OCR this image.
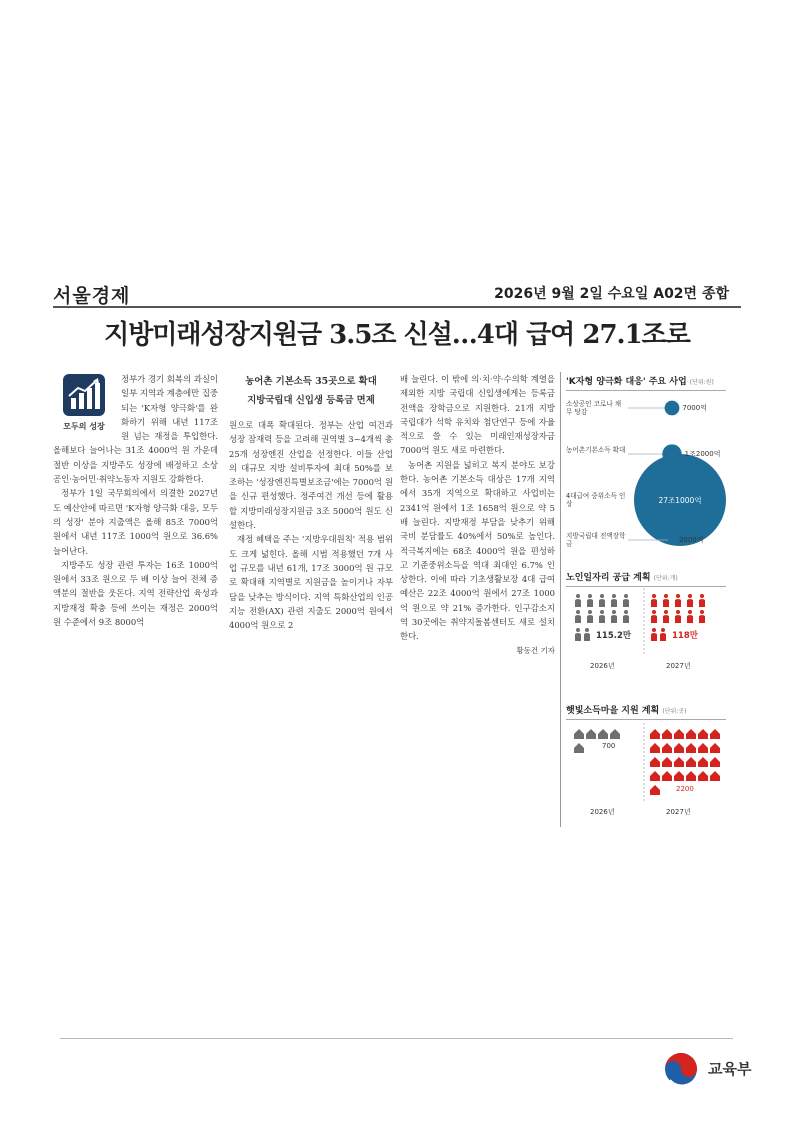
서울경제	2026년 9월 2일 수요일 A02면 종합
지방미래성장지원금 3.5조 신설…4대 급여 27.1조로
모두의 성장

정부가 경기 회복의 과실이 일부 지역과 계층에만 집중되는 'K자형 양극화'를 완화하기 위해 내년 117조 원 넘는 재정을 투입한다. 올해보다 늘어나는 31조 4000억 원 가운데 절반 이상을 지방주도 성장에 배정하고 소상공인·농어민·취약노동자 지원도 강화한다.

정부가 1일 국무회의에서 의결한 2027년도 예산안에 따르면 'K자형 양극화 대응, 모두의 성장' 분야 지출액은 올해 85조 7000억 원에서 내년 117조 1000억 원으로 36.6% 늘어난다.

지방주도 성장 관련 투자는 16조 1000억 원에서 33조 원으로 두 배 이상 늘어 전체 증액분의 절반을 웃돈다. 지역 전략산업 육성과 지방재정 확충 등에 쓰이는 재정은 2000억 원 수준에서 9조 8000억

농어촌 기본소득 35곳으로 확대
지방국립대 신입생 등록금 면제

원으로 대폭 확대된다. 정부는 산업 여건과 성장 잠재력 등을 고려해 권역별 3~4개씩 총 25개 성장엔진 산업을 선정한다. 이들 산업의 대규모 지방 설비투자에 최대 50%를 보조하는 '성장엔진특별보조금'에는 7000억 원을 신규 편성했다. 정주여건 개선 등에 활용할 지방미래성장지원금 3조 5000억 원도 신설한다.

재정 혜택을 주는 '지방우대원칙' 적용 범위도 크게 넓힌다. 올해 시범 적용했던 7개 사업 규모를 내년 61개, 17조 3000억 원 규모로 확대해 지역별로 지원금을 높이거나 자부담을 낮추는 방식이다. 지역 특화산업의 인공지능 전환(AX) 관련 지출도 2000억 원에서 4000억 원으로 2

배 늘린다. 이 밖에 의·치·약·수의학 계열을 제외한 지방 국립대 신입생에게는 등록금 전액을 장학금으로 지원한다. 21개 지방 국립대가 석학 유치와 첨단연구 등에 자율적으로 쓸 수 있는 미래인재성장자금 7000억 원도 새로 마련한다.

농어촌 지원을 넓히고 복지 분야도 보강한다. 농어촌 기본소득 대상은 17개 지역에서 35개 지역으로 확대하고 사업비는 2341억 원에서 1조 1658억 원으로 약 5배 늘린다. 지방재정 부담을 낮추기 위해 국비 분담률도 40%에서 50%로 높인다. 적극복지에는 68조 4000억 원을 편성하고 기준중위소득을 역대 최대인 6.7% 인상한다. 이에 따라 기초생활보장 4대 급여 예산은 22조 4000억 원에서 27조 1000억 원으로 약 21% 증가한다. 인구감소지역 30곳에는 취약지돌봄센터도 새로 설치한다.

황동건 기자
'K자형 양극화 대응' 주요 사업 (단위:원)
소상공인 코로나 채무 탕감	7000억
농어촌기본소득 확대	1조2000억
4대급여 중위소득 인상	27조1000억
지방국립대 전액장학금	2000억
노인일자리 공급 계획 (단위:개)
115.2만
2026년
118만
2027년
햇빛소득마을 지원 계획 (단위:곳)
700
2200
2026년	2027년
교육부
